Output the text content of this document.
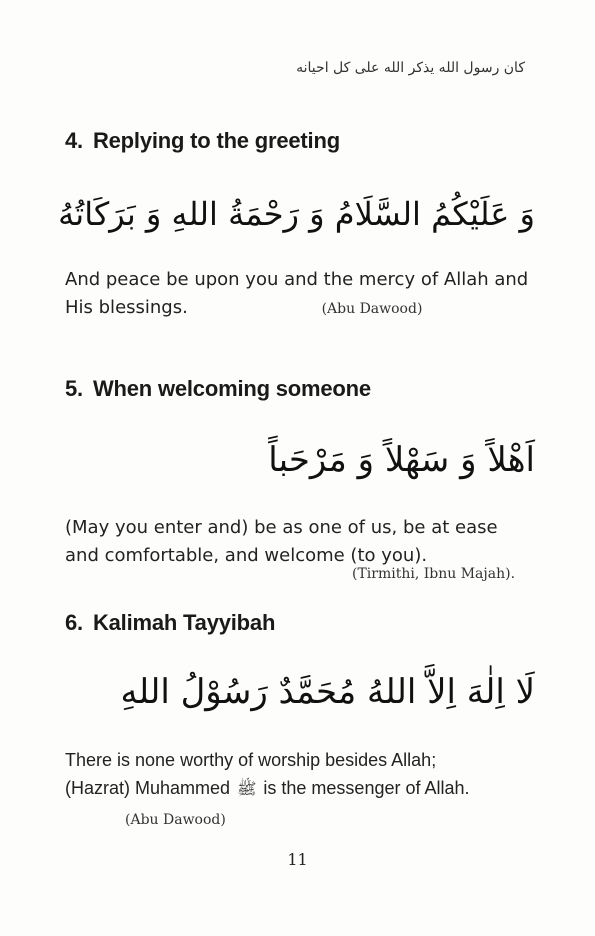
كان رسول الله يذكر الله على كل احيانه
4. Replying to the greeting
وَ عَلَيْكُمُ السَّلَامُ وَ رَحْمَةُ اللهِ وَ بَرَكَاتُهُ
And peace be upon you and the mercy of Allah and
His blessings.	(Abu Dawood)
5. When welcoming someone
اَهْلاً وَ سَهْلاً وَ مَرْحَباً
(May you enter and) be as one of us, be at ease
and comfortable, and welcome (to you).
(Tirmithi, Ibnu Majah).
6. Kalimah Tayyibah
لَا اِلٰهَ اِلاَّ اللهُ مُحَمَّدٌ رَسُوْلُ اللهِ
There is none worthy of worship besides Allah;
(Hazrat) Muhammed ﷺ is the messenger of Allah.
(Abu Dawood)
11
